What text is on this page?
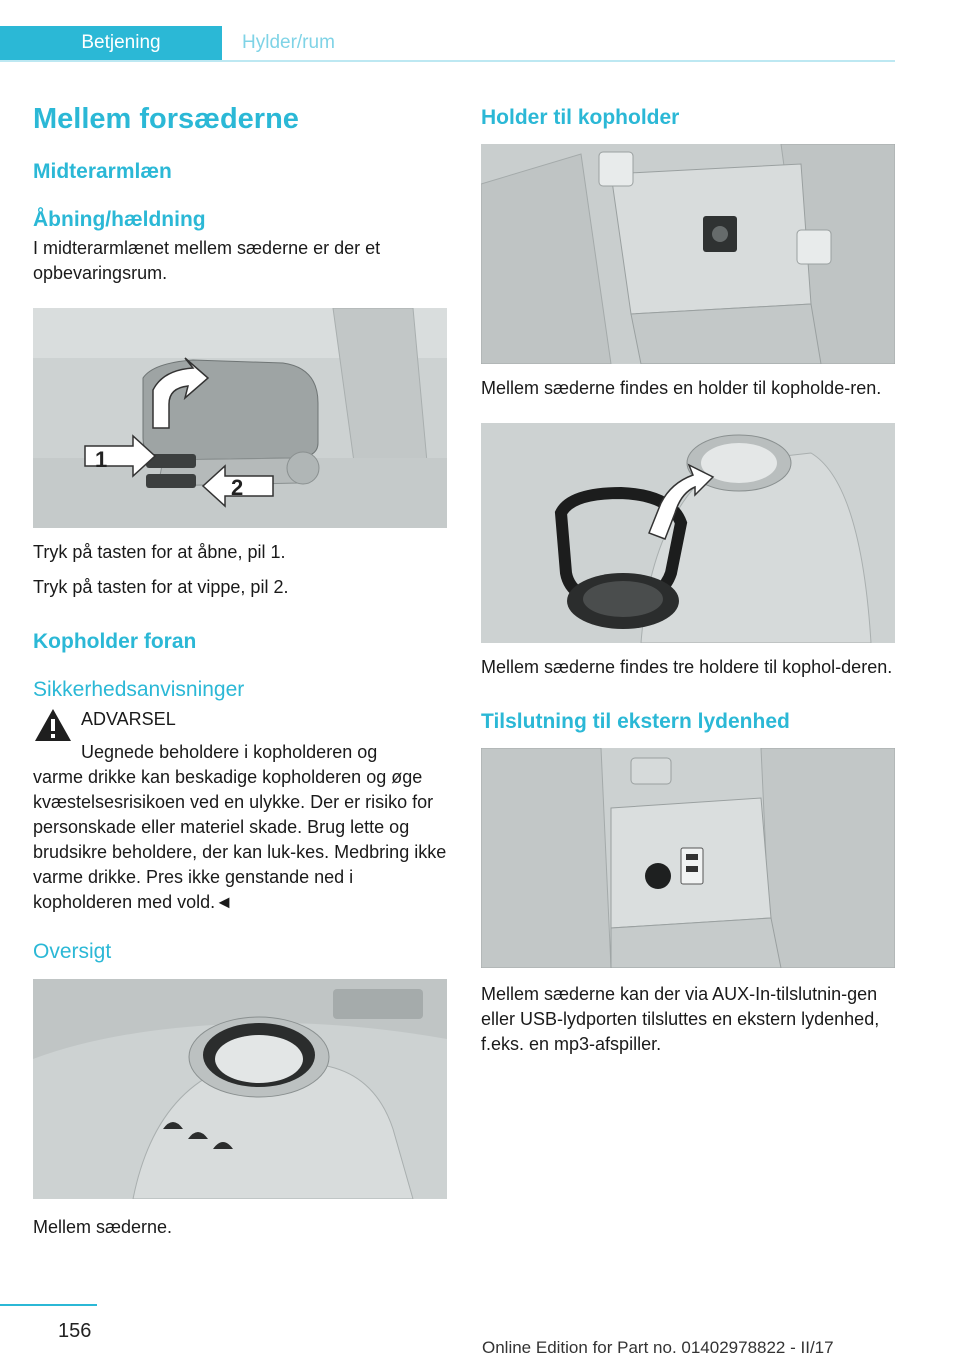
Betjening	Hylder/rum
Mellem forsæderne
Midterarmlæn
Åbning/hældning

I midterarmlænet mellem sæderne er der et opbevaringsrum.

1
2

Tryk på tasten for at åbne, pil 1.

Tryk på tasten for at vippe, pil 2.

Kopholder foran
Sikkerhedsanvisninger
ADVARSEL
Uegnede beholdere i kopholderen og
varme drikke kan beskadige kopholderen og øge kvæstelsesrisikoen ved en ulykke. Der er risiko for personskade eller materiel skade. Brug lette og brudsikre beholdere, der kan luk-kes. Medbring ikke varme drikke. Pres ikke genstande ned i kopholderen med vold.◄
Oversigt

Mellem sæderne.

Holder til kopholder

Mellem sæderne findes en holder til kopholde-ren.

Mellem sæderne findes tre holdere til kophol-deren.

Tilslutning til ekstern lydenhed

Mellem sæderne kan der via AUX-In-tilslutnin-gen eller USB-lydporten tilsluttes en ekstern lydenhed, f.eks. en mp3-afspiller.

156
Online Edition for Part no. 01402978822 - II/17
